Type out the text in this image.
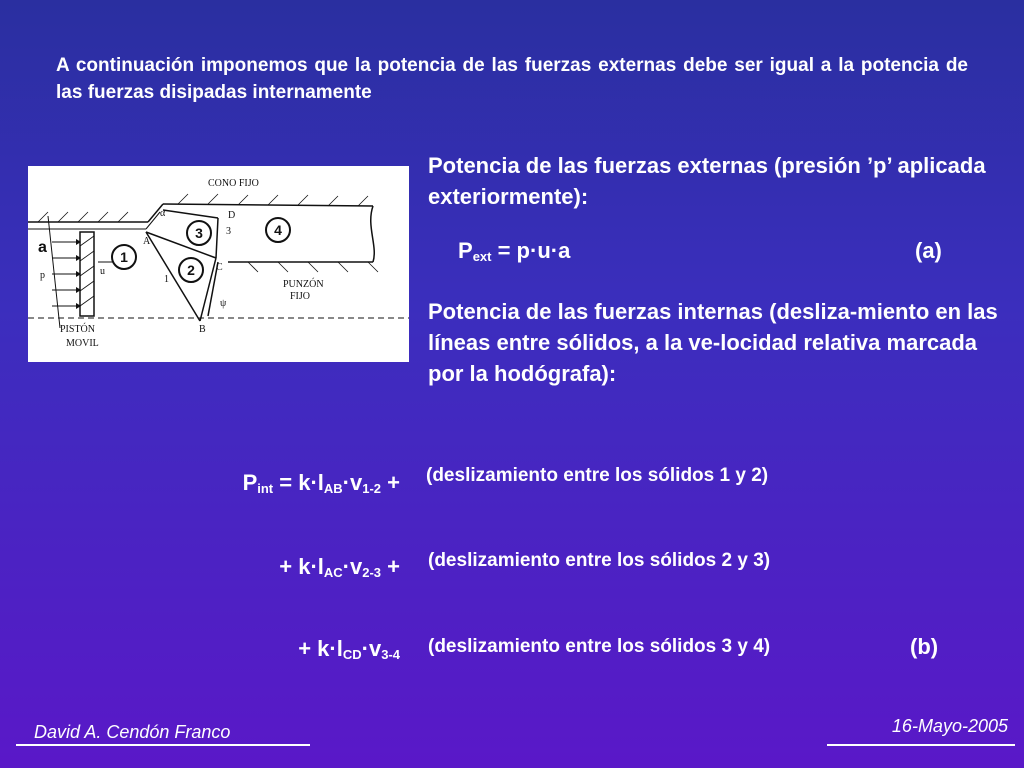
A continuación imponemos que la potencia de las fuerzas externas debe ser igual a la potencia de las fuerzas disipadas internamente
CONO FIJO
PUNZÓN
FIJO
PISTÓN
MOVIL
p	u
α
ψ
A
B
C
D
1
3
a
1
2
3	4
Potencia de las fuerzas externas (presión ’p’ aplicada exteriormente):
$P_{ext} = p\cdot u\cdot a$	(a)
Potencia de las fuerzas internas (desliza-miento en las líneas entre sólidos, a la ve-locidad relativa marcada por la hodógrafa):
$P_{int} = k\cdot l_{AB}\cdot v_{1-2}$ + (deslizamiento entre los sólidos 1 y 2)
+ $k\cdot l_{AC}\cdot v_{2-3}$ + (deslizamiento entre los sólidos 2 y 3)
+ $k\cdot l_{CD}\cdot v_{3-4}$ (deslizamiento entre los sólidos 3 y 4)	(b)
David A. Cendón Franco	16-Mayo-2005
